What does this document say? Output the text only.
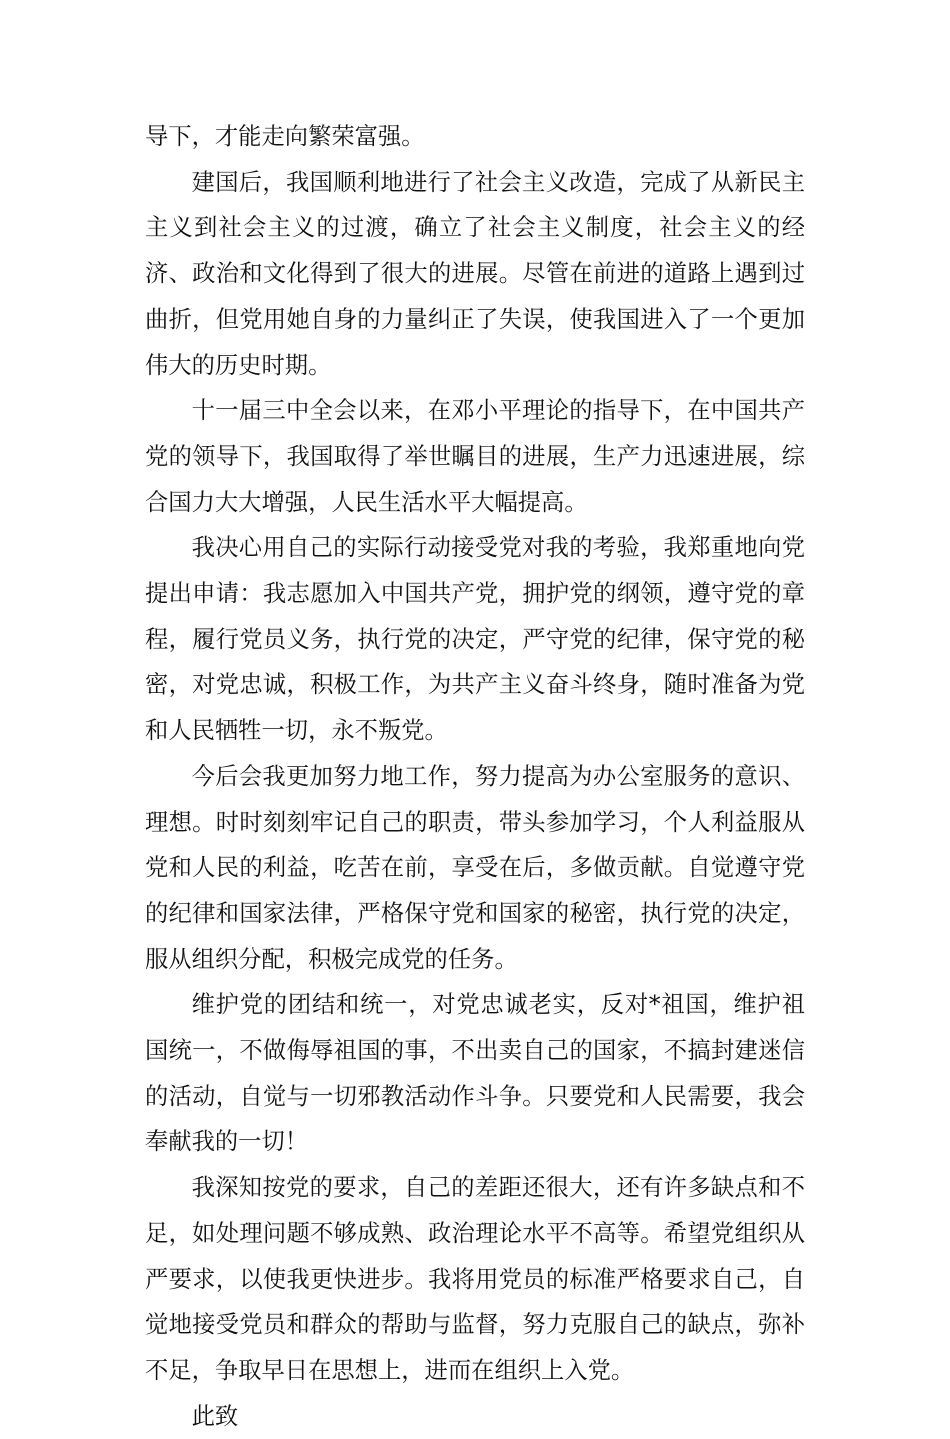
导下，才能走向繁荣富强。

建国后，我国顺利地进行了社会主义改造，完成了从新民主主义到社会主义的过渡，确立了社会主义制度，社会主义的经济、政治和文化得到了很大的进展。尽管在前进的道路上遇到过曲折，但党用她自身的力量纠正了失误，使我国进入了一个更加伟大的历史时期。

十一届三中全会以来，在邓小平理论的指导下，在中国共产党的领导下，我国取得了举世瞩目的进展，生产力迅速进展，综合国力大大增强，人民生活水平大幅提高。

我决心用自己的实际行动接受党对我的考验，我郑重地向党提出申请：我志愿加入中国共产党，拥护党的纲领，遵守党的章程，履行党员义务，执行党的决定，严守党的纪律，保守党的秘密，对党忠诚，积极工作，为共产主义奋斗终身，随时准备为党和人民牺牲一切，永不叛党。

今后会我更加努力地工作，努力提高为办公室服务的意识、理想。时时刻刻牢记自己的职责，带头参加学习，个人利益服从党和人民的利益，吃苦在前，享受在后，多做贡献。自觉遵守党的纪律和国家法律，严格保守党和国家的秘密，执行党的决定，服从组织分配，积极完成党的任务。

维护党的团结和统一，对党忠诚老实，反对*祖国，维护祖国统一，不做侮辱祖国的事，不出卖自己的国家，不搞封建迷信的活动，自觉与一切邪教活动作斗争。只要党和人民需要，我会奉献我的一切！

我深知按党的要求，自己的差距还很大，还有许多缺点和不足，如处理问题不够成熟、政治理论水平不高等。希望党组织从严要求，以使我更快进步。我将用党员的标准严格要求自己，自觉地接受党员和群众的帮助与监督，努力克服自己的缺点，弥补不足，争取早日在思想上，进而在组织上入党。

此致
